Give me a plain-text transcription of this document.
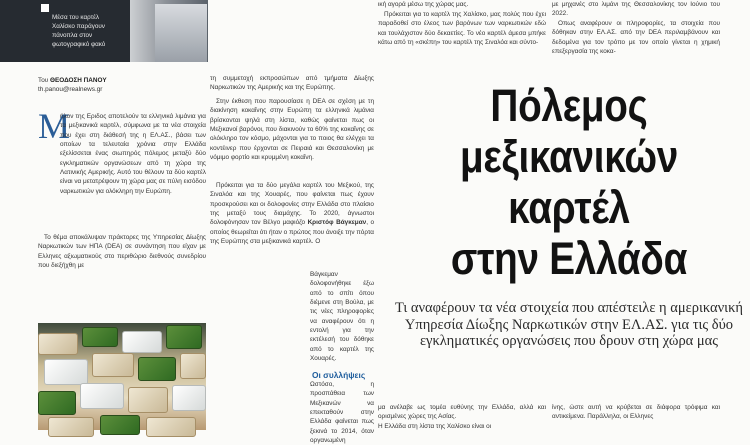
Μέσα του καρτέλ
Χαλίσκο παράγουν
πάνοπλα στον
φωτογραφικό φακό
Του ΘΕΟΔΟΣΗ ΠΑΝΟΥ
th.panou@realnews.gr
Μ
ήλον της Εριδος αποτελούν τα ελληνικά λιμάνια για τα μεξικανικά καρτέλ, σύμφωνα με τα νέα στοιχεία που έχει στη διάθεσή της η ΕΛ.ΑΣ., βάσει των οποίων τα τελευταία χρόνια στην Ελλάδα εξελίσσεται ένας σιωπηρός πόλεμος μεταξύ δύο εγκληματικών οργανώσεων από τη χώρα της Λατινικής Αμερικής. Αυτό του θέλουν τα δύο καρτέλ είναι να μετατρέψουν τη χώρα μας σε πύλη εισόδου ναρκωτικών για ολόκληρη την Ευρώπη.
Το θέμα αποκάλυψαν πράκτορες της Υπηρεσίας Δίωξης Ναρκωτικών των ΗΠΑ (DEA) σε συνάντηση που είχαν με Ελληνες αξιωματικούς στο περιθώριο διεθνούς συνεδρίου που διεξήχθη με
τη συμμετοχή εκπροσώπων από τμήματα Δίωξης Ναρκωτικών της Αμερικής και της Ευρώπης.
Στην έκθεση που παρουσίασε η DEA σε σχέση με τη διακίνηση κοκαΐνης στην Ευρώπη τα ελληνικά λιμάνια βρίσκονται ψηλά στη λίστα, καθώς φαίνεται πως οι Μεξικανοί βαρόνοι, που διακινούν το 60% της κοκαΐνης σε ολόκληρο τον κόσμο, μάχονται για το ποιος θα ελέγχει τα κοντέινερ που έρχονται σε Πειραιά και Θεσσαλονίκη με νόμιμο φορτίο και κρυμμένη κοκαΐνη.
Πρόκειται για τα δύο μεγάλα καρτέλ του Μεξικού, της Σιναλόα και της Χουαρές, που φαίνεται πως έχουν προσκρούσει και οι δολοφονίες στην Ελλάδα στο πλαίσιο της μεταξύ τους διαμάχης. Το 2020, άγνωστοι δολοφόνησαν τον Βέλγο μαφιόζο Κριστόφ Βάγκεμαν, ο οποίος θεωρείται ότι ήταν ο πρώτος που άνοιξε την πόρτα της Ευρώπης στα μεξικανικά καρτέλ. Ο
Βάγκεμαν δολοφονήθηκε έξω από το σπίτι όπου διέμενε στη Βούλα, με τις νέες πληροφορίες να αναφέρουν ότι η εντολή για την εκτέλεσή του δόθηκε από το καρτέλ της Χουαρές.
Οι συλλήψεις
Ωστόσο, η προσπάθεια των Μεξικανών να επεκταθούν στην Ελλάδα φαίνεται πως ξεκινά το 2014, όταν οργανωμένη
ική αγορά μέσω της χώρας μας.
Πρόκειται για το καρτέλ της Χαλίσκο, μας πολύς που έχει παραδοθεί στο έλεος των βαρόνων των ναρκωτικών εδώ και τουλάχιστον δύο δεκαετίες. Το νέο καρτέλ άμεσα μπήκε κάτω από τη «σκέπη» του καρτέλ της Σιναλόα και σύντο-
με μηχανές στο λιμάνι της Θεσσαλονίκης τον Ιούνιο του 2022.
Οπως αναφέρουν οι πληροφορίες, τα στοιχεία που δόθηκαν στην ΕΛ.ΑΣ. από την DEA περιλαμβάνουν και δεδομένα για τον τρόπο με τον οποίο γίνεται η χημική επεξεργασία της κοκα-
Πόλεμος
μεξικανικών
καρτέλ
στην Ελλάδα
Τι αναφέρουν τα νέα στοιχεία που απέστειλε η αμερικανική Υπηρεσία Δίωξης Ναρκωτικών στην ΕΛ.ΑΣ. για τις δύο εγκληματικές οργανώσεις που δρουν στη χώρα μας
μα ανέλαβε ως τομέα ευθύνης την Ελλάδα, αλλά και ορισμένες χώρες της Ασίας.
Η Ελλάδα στη λίστα της Χαλίσκο είναι οι
ίνης, ώστε αυτή να κρύβεται σε διάφορα τρόφιμα και αντικείμενα. Παράλληλα, οι Ελληνες
